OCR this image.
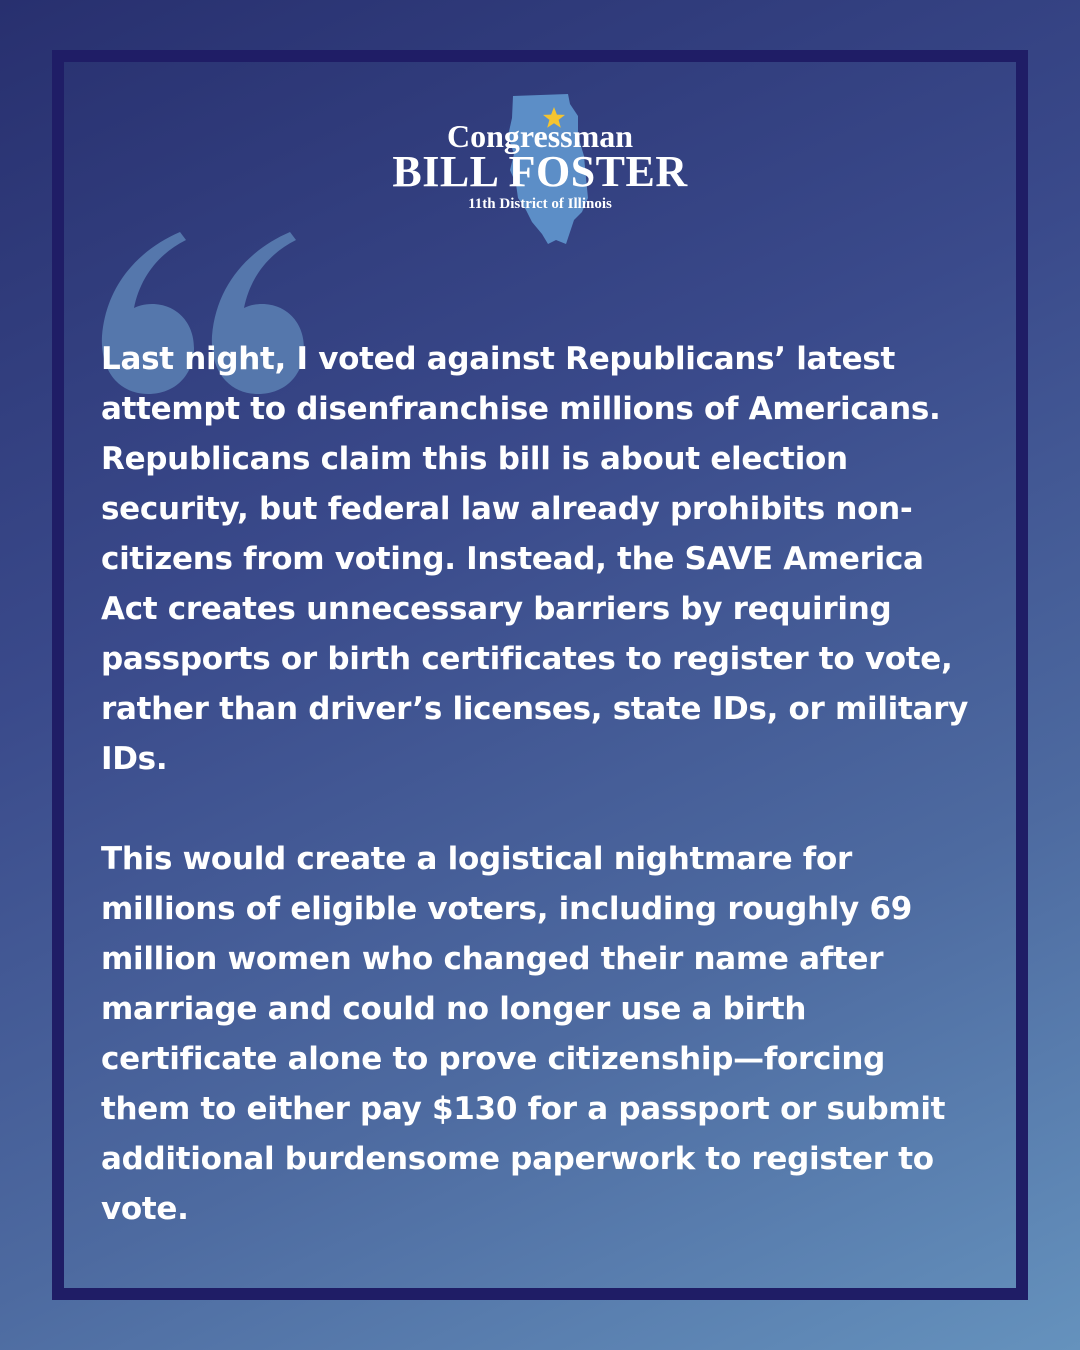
Congressman
BILL FOSTER
11th District of Illinois

Last night, I voted against Republicans’ latest attempt to disenfranchise millions of Americans. Republicans claim this bill is about election security, but federal law already prohibits non-citizens from voting. Instead, the SAVE America Act creates unnecessary barriers by requiring passports or birth certificates to register to vote, rather than driver’s licenses, state IDs, or military IDs.

This would create a logistical nightmare for millions of eligible voters, including roughly 69 million women who changed their name after marriage and could no longer use a birth certificate alone to prove citizenship—forcing them to either pay $130 for a passport or submit additional burdensome paperwork to register to vote.
